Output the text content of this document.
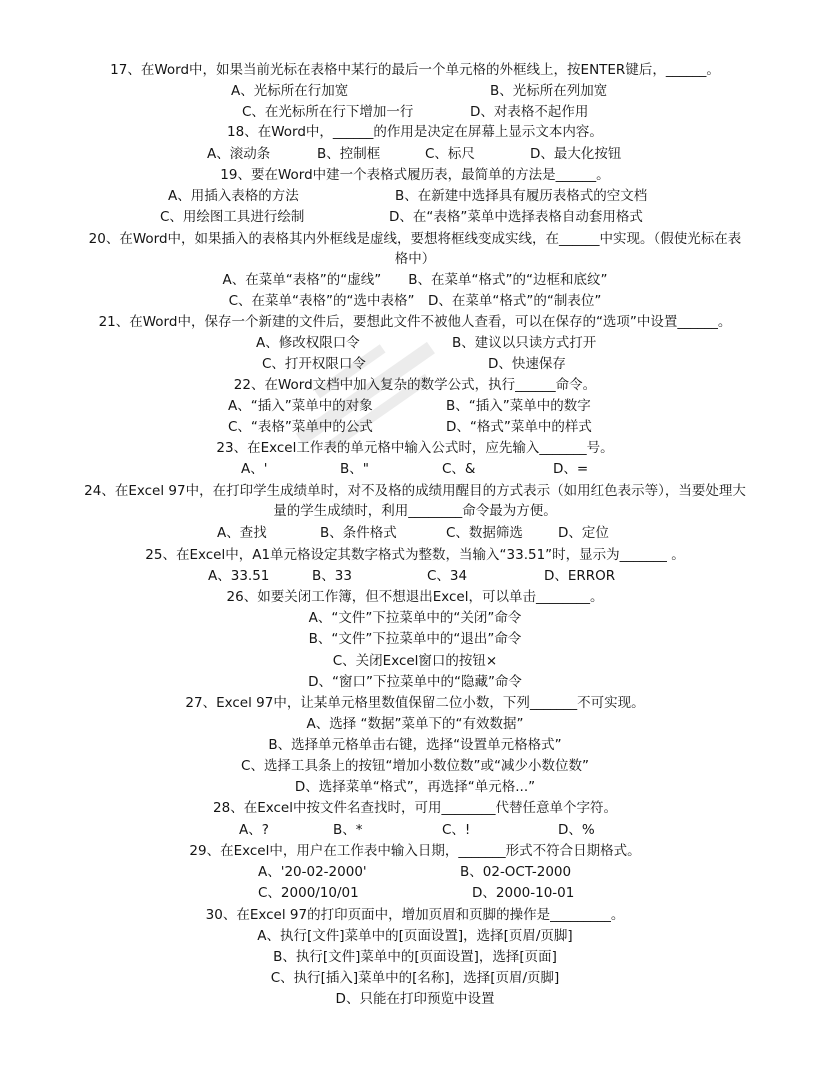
17、在Word中，如果当前光标在表格中某行的最后一个单元格的外框线上，按ENTER键后，______。
A、光标所在行加宽	B、光标所在列加宽
C、在光标所在行下增加一行	D、对表格不起作用
18、在Word中，______的作用是决定在屏幕上显示文本内容。
A、滚动条	B、控制框	C、标尺	D、最大化按钮
19、要在Word中建一个表格式履历表，最简单的方法是______。
A、用插入表格的方法	B、在新建中选择具有履历表格式的空文档
C、用绘图工具进行绘制	D、在“表格”菜单中选择表格自动套用格式
20、在Word中，如果插入的表格其内外框线是虚线，要想将框线变成实线，在______中实现。（假使光标在表
格中）
A、在菜单“表格”的“虚线”　　B、在菜单“格式”的“边框和底纹”
C、在菜单“表格”的“选中表格”　D、在菜单“格式”的“制表位”
21、在Word中，保存一个新建的文件后，要想此文件不被他人查看，可以在保存的“选项”中设置______。
A、修改权限口令	B、建议以只读方式打开
C、打开权限口令	D、快速保存
22、在Word文档中加入复杂的数学公式，执行______命令。
A、“插入”菜单中的对象	B、“插入”菜单中的数字
C、“表格”菜单中的公式	D、“格式”菜单中的样式
23、在Excel工作表的单元格中输入公式时，应先输入_______号。
A、'	B、"	C、&	D、=
24、在Excel 97中，在打印学生成绩单时，对不及格的成绩用醒目的方式表示（如用红色表示等），当要处理大
量的学生成绩时，利用________命令最为方便。
A、查找	B、条件格式	C、数据筛选	D、定位
25、在Excel中，A1单元格设定其数字格式为整数，当输入“33.51”时，显示为_______ 。
A、33.51	B、33	C、34	D、ERROR
26、如要关闭工作簿，但不想退出Excel，可以单击________。
A、“文件”下拉菜单中的“关闭”命令
B、“文件”下拉菜单中的“退出”命令
C、关闭Excel窗口的按钮×
D、“窗口”下拉菜单中的“隐藏”命令
27、Excel 97中，让某单元格里数值保留二位小数，下列_______不可实现。
A、选择 “数据”菜单下的“有效数据”
B、选择单元格单击右键，选择“设置单元格格式”
C、选择工具条上的按钮“增加小数位数”或“减少小数位数”
D、选择菜单“格式”，再选择“单元格...”
28、在Excel中按文件名查找时，可用________代替任意单个字符。
A、?	B、*	C、!	D、%
29、在Excel中，用户在工作表中输入日期，_______形式不符合日期格式。
A、'20-02-2000'	B、02-OCT-2000
C、2000/10/01	D、2000-10-01
30、在Excel 97的打印页面中，增加页眉和页脚的操作是_________。
A、执行[文件]菜单中的[页面设置]，选择[页眉/页脚]
B、执行[文件]菜单中的[页面设置]，选择[页面]
C、执行[插入]菜单中的[名称]，选择[页眉/页脚]
D、只能在打印预览中设置
